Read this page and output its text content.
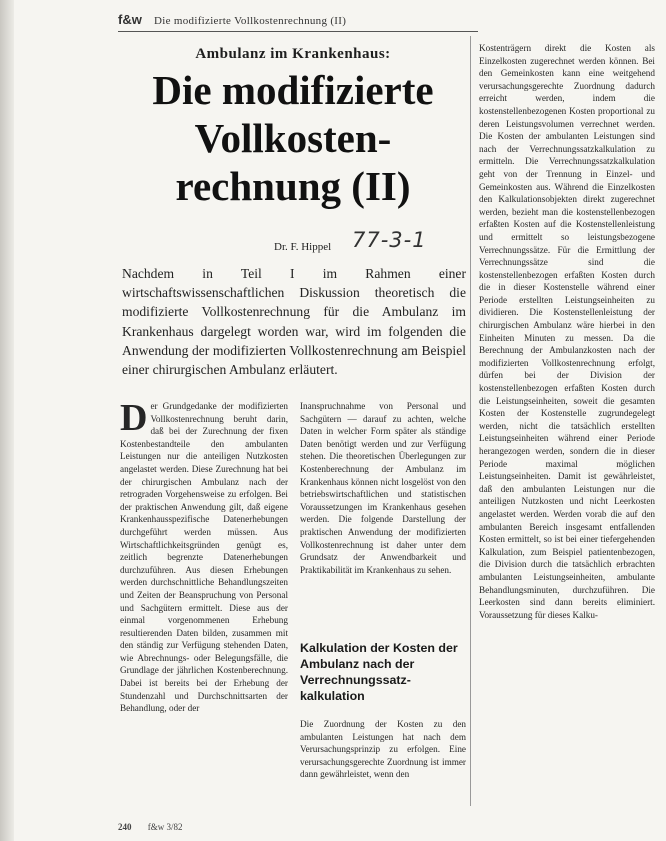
f&w Die modifizierte Vollkostenrechnung (II)
Ambulanz im Krankenhaus:
Die modifizierte
Vollkosten-
rechnung (II)
Dr. F. Hippel 77-3-1
Nachdem in Teil I im Rahmen einer wirtschaftswissenschaftlichen Diskussion theoretisch die modifizierte Vollkostenrechnung für die Ambulanz im Krankenhaus dargelegt worden war, wird im folgenden die Anwendung der modifizierten Vollkostenrechnung am Beispiel einer chirurgischen Ambulanz erläutert.

Der Grundgedanke der modifizierten Vollkostenrechnung beruht darin, daß bei der Zurechnung der fixen Kostenbestandteile den ambulanten Leistungen nur die anteiligen Nutzkosten angelastet werden. Diese Zurechnung hat bei der chirurgischen Ambulanz nach der retrograden Vorgehensweise zu erfolgen. Bei der praktischen Anwendung gilt, daß eigene Krankenhausspezifische Datenerhebungen durchgeführt werden müssen. Aus Wirtschaftlichkeitsgründen genügt es, zeitlich begrenzte Datenerhebungen durchzuführen. Aus diesen Erhebungen werden durchschnittliche Behandlungszeiten und Zeiten der Beanspruchung von Personal und Sachgütern ermittelt. Diese aus der einmal vorgenommenen Erhebung resultierenden Daten bilden, zusammen mit den ständig zur Verfügung stehenden Daten, wie Abrechnungs- oder Belegungsfälle, die Grundlage der jährlichen Kostenberechnung. Dabei ist bereits bei der Erhebung der Stundenzahl und Durchschnittsarten der Behandlung, oder der

Inanspruchnahme von Personal und Sachgütern — darauf zu achten, welche Daten in welcher Form später als ständige Daten benötigt werden und zur Verfügung stehen. Die theoretischen Überlegungen zur Kostenberechnung der Ambulanz im Krankenhaus können nicht losgelöst von den betriebswirtschaftlichen und statistischen Voraussetzungen im Krankenhaus gesehen werden. Die folgende Darstellung der praktischen Anwendung der modifizierten Vollkostenrechnung ist daher unter dem Grundsatz der Anwendbarkeit und Praktikabilität im Krankenhaus zu sehen.

Kalkulation der Kosten der Ambulanz nach der Verrechnungssatz-kalkulation

Die Zuordnung der Kosten zu den ambulanten Leistungen hat nach dem Verursachungsprinzip zu erfolgen. Eine verursachungsgerechte Zuordnung ist immer dann gewährleistet, wenn den

Kostenträgern direkt die Kosten als Einzelkosten zugerechnet werden können. Bei den Gemeinkosten kann eine weitgehend verursachungsgerechte Zuordnung dadurch erreicht werden, indem die kostenstellenbezogenen Kosten proportional zu deren Leistungsvolumen verrechnet werden. Die Kosten der ambulanten Leistungen sind nach der Verrechnungssatzkalkulation zu ermitteln. Die Verrechnungssatzkalkulation geht von der Trennung in Einzel- und Gemeinkosten aus. Während die Einzelkosten den Kalkulationsobjekten direkt zugerechnet werden, bezieht man die kostenstellenbezogen erfaßten Kosten auf die Kostenstellenleistung und ermittelt so leistungsbezogene Verrechnungssätze. Für die Ermittlung der Verrechnungssätze sind die kostenstellenbezogen erfaßten Kosten durch die in dieser Kostenstelle während einer Periode erstellten Leistungseinheiten zu dividieren. Die Kostenstellenleistung der chirurgischen Ambulanz wäre hierbei in den Einheiten Minuten zu messen. Da die Berechnung der Ambulanzkosten nach der modifizierten Vollkostenrechnung erfolgt, dürfen bei der Division der kostenstellenbezogen erfaßten Kosten durch die Leistungseinheiten, soweit die gesamten Kosten der Kostenstelle zugrundegelegt werden, nicht die tatsächlich erstellten Leistungseinheiten während einer Periode herangezogen werden, sondern die in dieser Periode maximal möglichen Leistungseinheiten. Damit ist gewährleistet, daß den ambulanten Leistungen nur die anteiligen Nutzkosten und nicht Leerkosten angelastet werden. Werden vorab die auf den ambulanten Bereich insgesamt entfallenden Kosten ermittelt, so ist bei einer tiefergehenden Kalkulation, zum Beispiel patientenbezogen, die Division durch die tatsächlich erbrachten ambulanten Leistungseinheiten, ambulante Behandlungsminuten, durchzuführen. Die Leerkosten sind dann bereits eliminiert. Voraussetzung für dieses Kalku-

240 f&w 3/82
